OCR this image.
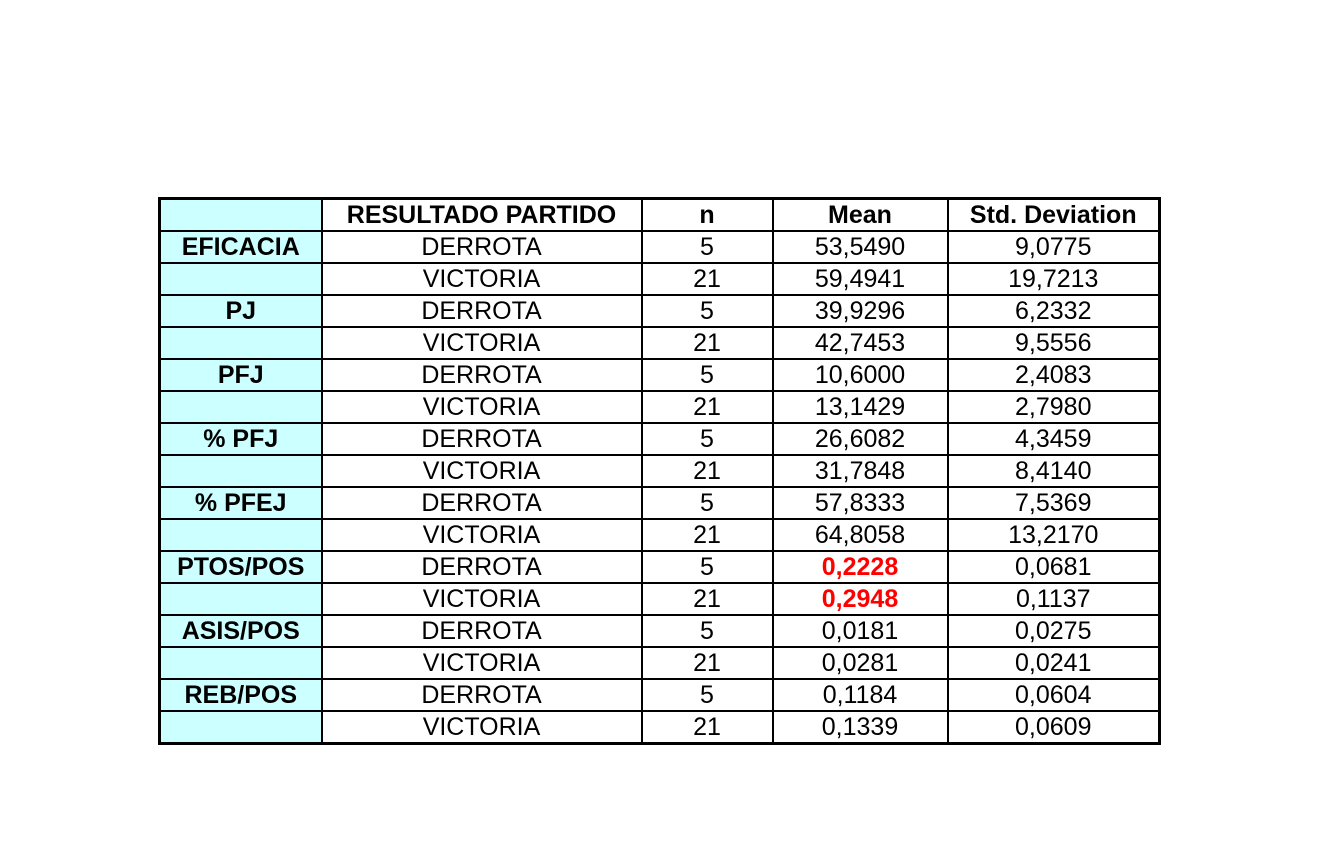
	RESULTADO PARTIDO	n	Mean	Std. Deviation
EFICACIA	DERROTA	5	53,5490	9,0775
	VICTORIA	21	59,4941	19,7213
PJ	DERROTA	5	39,9296	6,2332
	VICTORIA	21	42,7453	9,5556
PFJ	DERROTA	5	10,6000	2,4083
	VICTORIA	21	13,1429	2,7980
% PFJ	DERROTA	5	26,6082	4,3459
	VICTORIA	21	31,7848	8,4140
% PFEJ	DERROTA	5	57,8333	7,5369
	VICTORIA	21	64,8058	13,2170
PTOS/POS	DERROTA	5	0,2228	0,0681
	VICTORIA	21	0,2948	0,1137
ASIS/POS	DERROTA	5	0,0181	0,0275
	VICTORIA	21	0,0281	0,0241
REB/POS	DERROTA	5	0,1184	0,0604
	VICTORIA	21	0,1339	0,0609
